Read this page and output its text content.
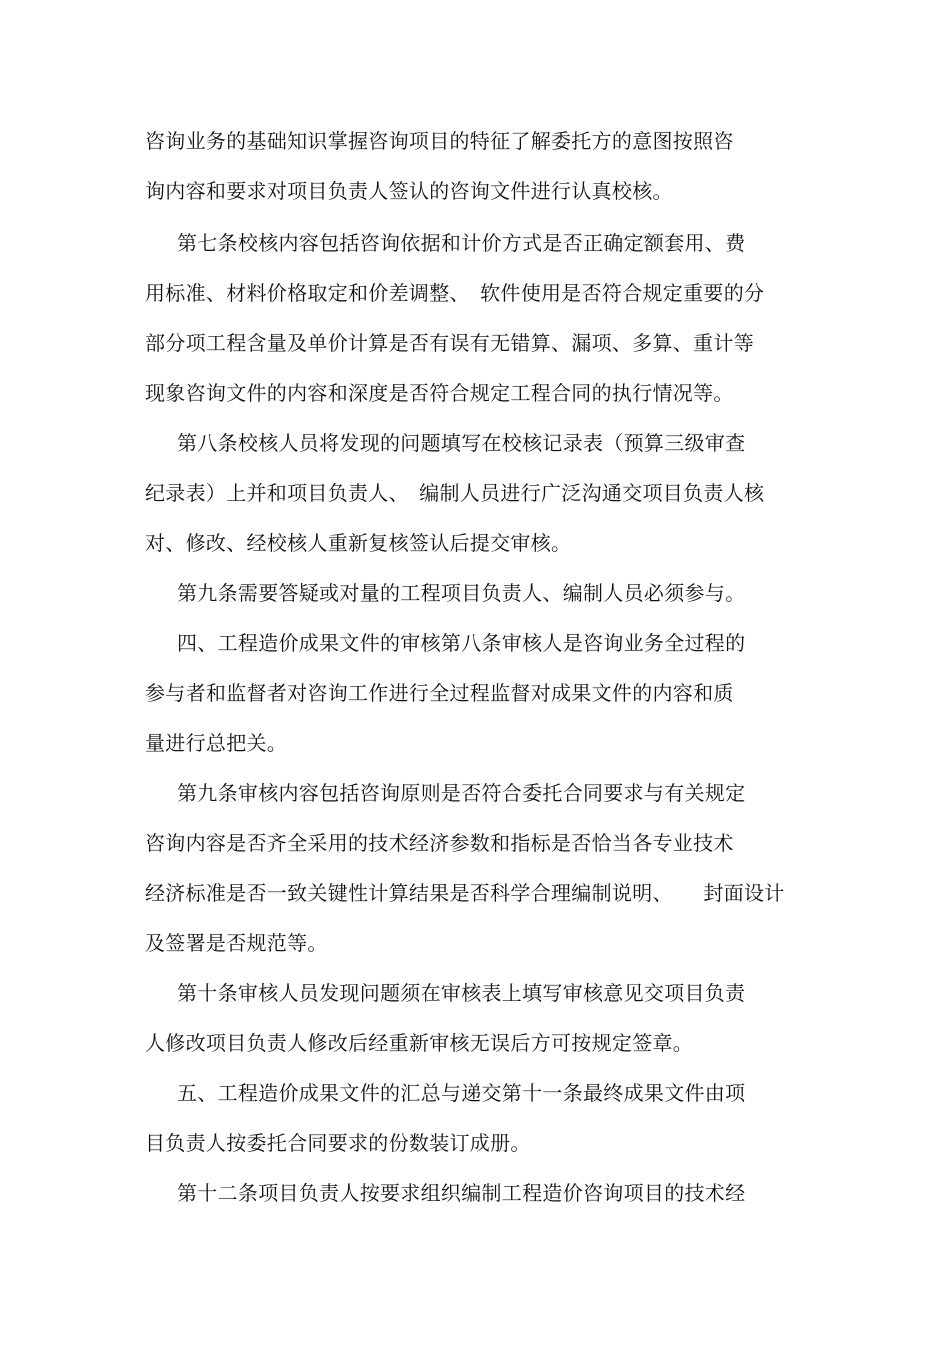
咨询业务的基础知识掌握咨询项目的特征了解委托方的意图按照咨
询内容和要求对项目负责人签认的咨询文件进行认真校核。
第七条校核内容包括咨询依据和计价方式是否正确定额套用、费
用标准、材料价格取定和价差调整、　软件使用是否符合规定重要的分
部分项工程含量及单价计算是否有误有无错算、漏项、多算、重计等
现象咨询文件的内容和深度是否符合规定工程合同的执行情况等。
第八条校核人员将发现的问题填写在校核记录表（预算三级审查
纪录表）上并和项目负责人、　编制人员进行广泛沟通交项目负责人核
对、修改、经校核人重新复核签认后提交审核。
第九条需要答疑或对量的工程项目负责人、编制人员必须参与。
四、工程造价成果文件的审核第八条审核人是咨询业务全过程的
参与者和监督者对咨询工作进行全过程监督对成果文件的内容和质
量进行总把关。
第九条审核内容包括咨询原则是否符合委托合同要求与有关规定
咨询内容是否齐全采用的技术经济参数和指标是否恰当各专业技术
经济标准是否一致关键性计算结果是否科学合理编制说明、　　封面设计
及签署是否规范等。
第十条审核人员发现问题须在审核表上填写审核意见交项目负责
人修改项目负责人修改后经重新审核无误后方可按规定签章。
五、工程造价成果文件的汇总与递交第十一条最终成果文件由项
目负责人按委托合同要求的份数装订成册。
第十二条项目负责人按要求组织编制工程造价咨询项目的技术经
